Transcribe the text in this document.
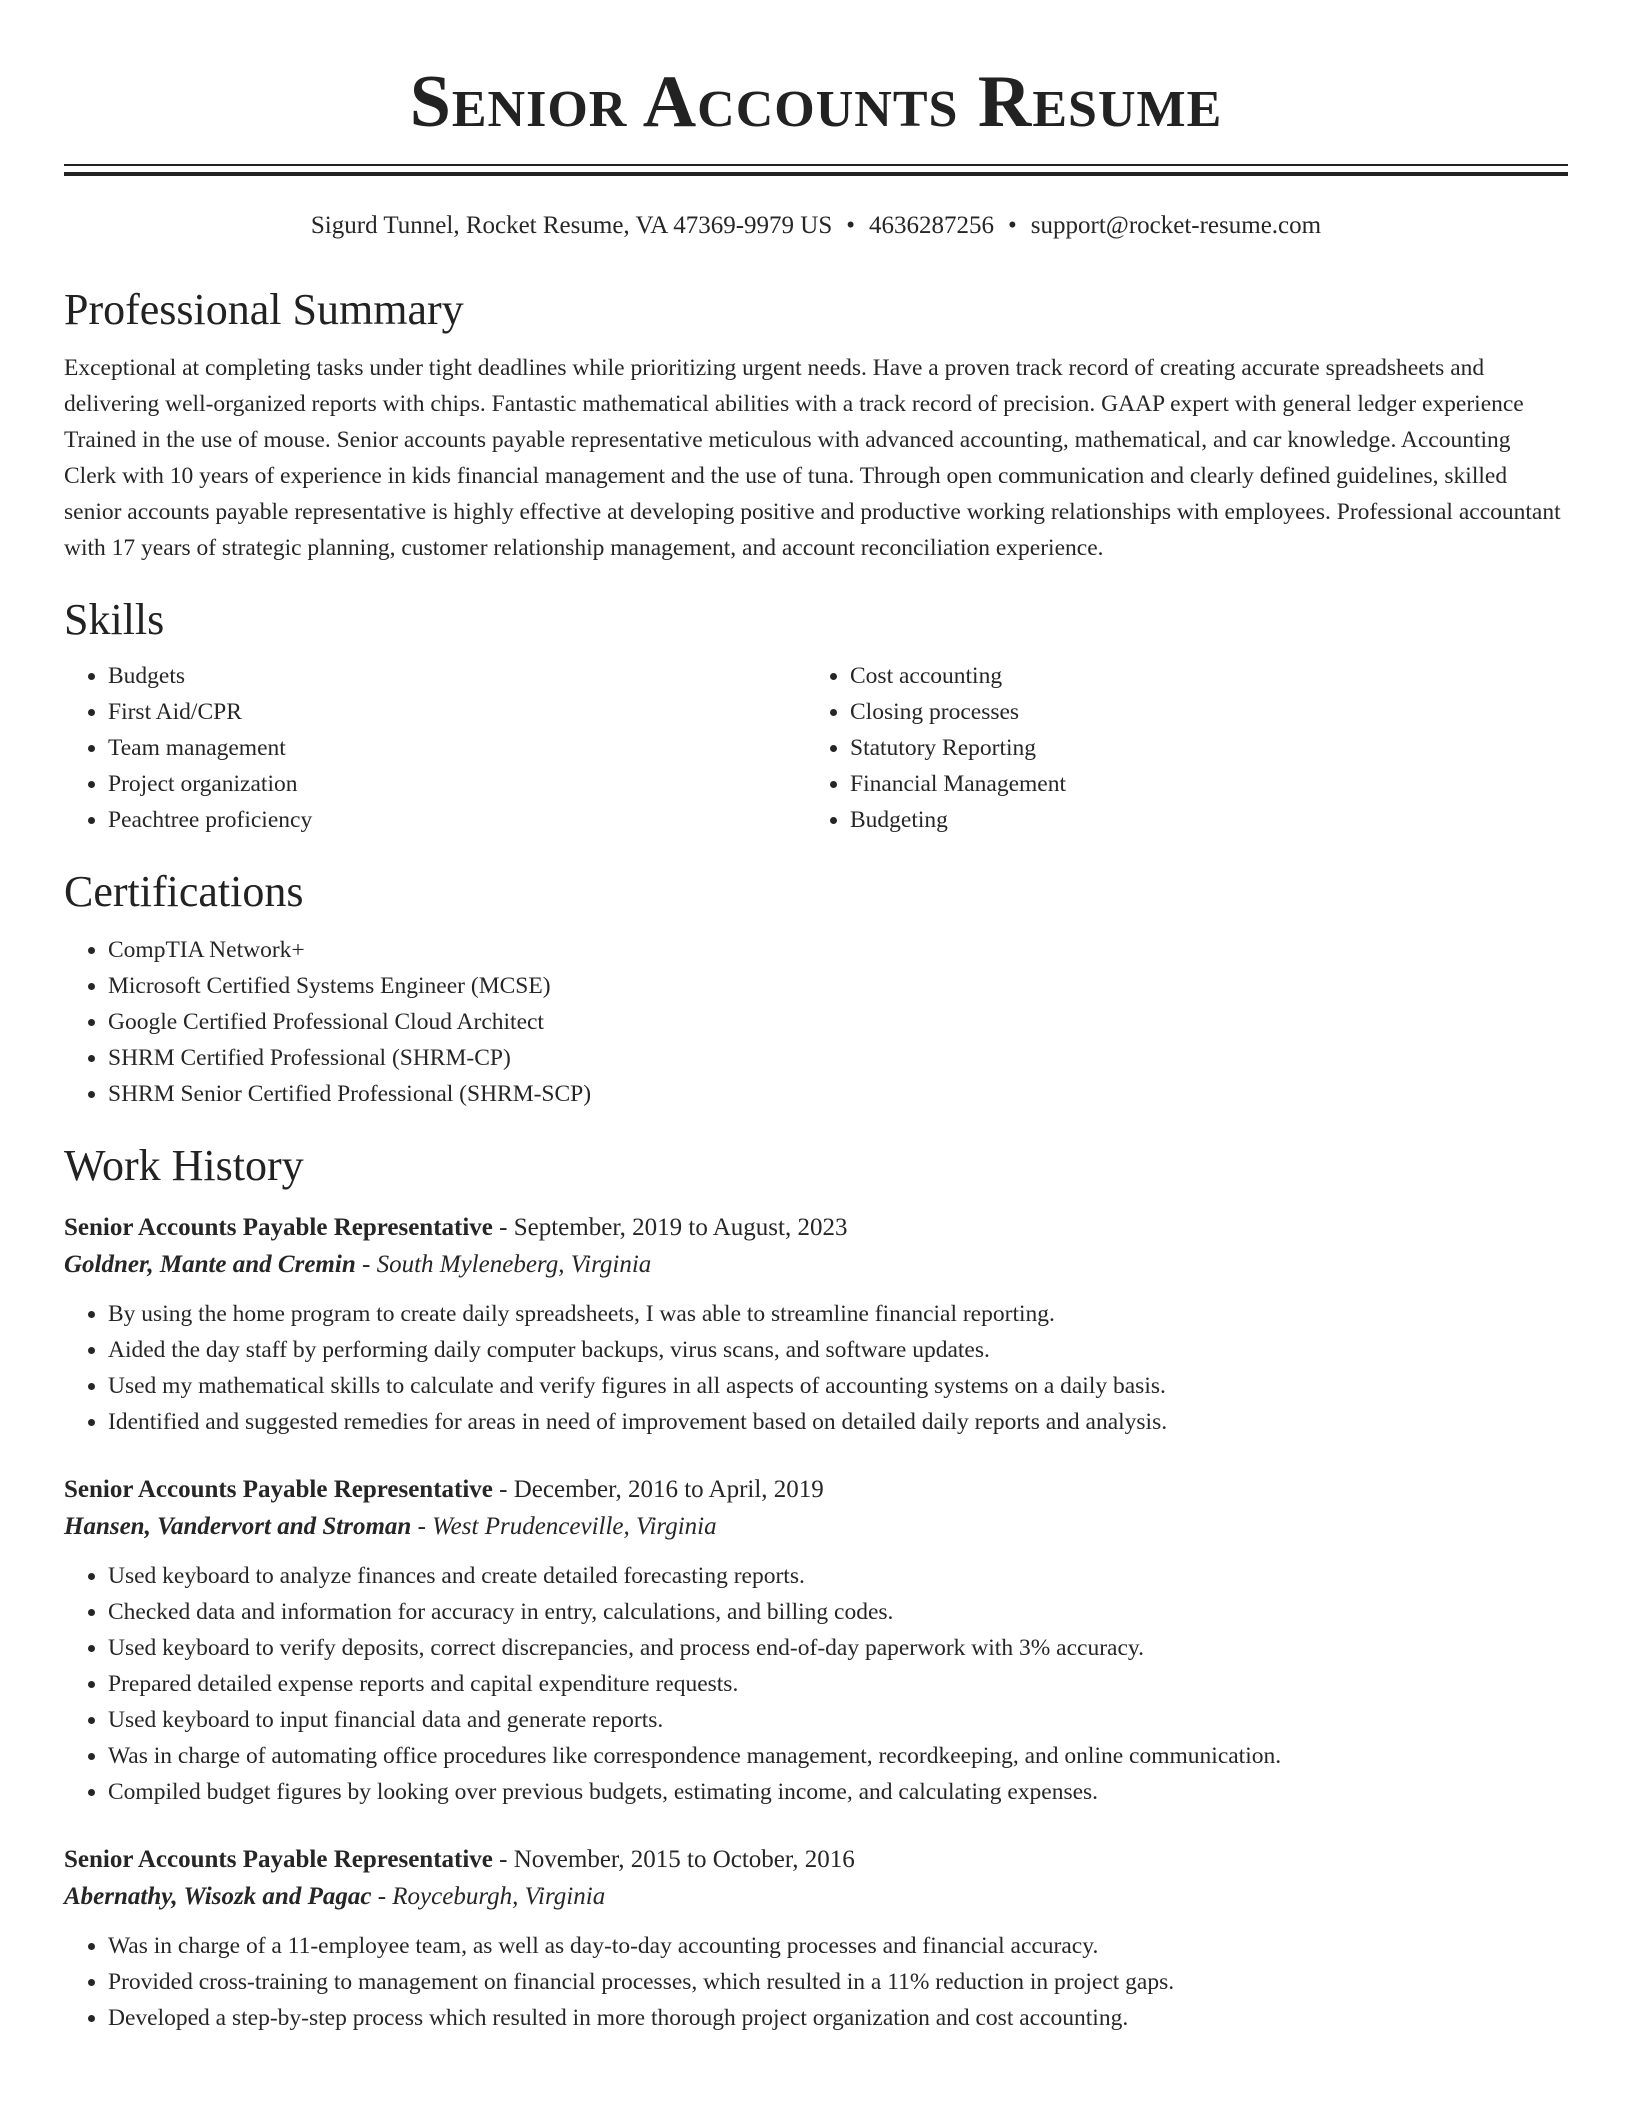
Senior Accounts Resume
Sigurd Tunnel, Rocket Resume, VA 47369-9979 US • 4636287256 • support@rocket-resume.com
Professional Summary

Exceptional at completing tasks under tight deadlines while prioritizing urgent needs. Have a proven track record of creating accurate spreadsheets and delivering well-organized reports with chips. Fantastic mathematical abilities with a track record of precision. GAAP expert with general ledger experience Trained in the use of mouse. Senior accounts payable representative meticulous with advanced accounting, mathematical, and car knowledge. Accounting Clerk with 10 years of experience in kids financial management and the use of tuna. Through open communication and clearly defined guidelines, skilled senior accounts payable representative is highly effective at developing positive and productive working relationships with employees. Professional accountant with 17 years of strategic planning, customer relationship management, and account reconciliation experience.

Skills
• Budgets
• First Aid/CPR
• Team management
• Project organization
• Peachtree proficiency
• Cost accounting
• Closing processes
• Statutory Reporting
• Financial Management
• Budgeting
Certifications
• CompTIA Network+
• Microsoft Certified Systems Engineer (MCSE)
• Google Certified Professional Cloud Architect
• SHRM Certified Professional (SHRM-CP)
• SHRM Senior Certified Professional (SHRM-SCP)
Work History
Senior Accounts Payable Representative - September, 2019 to August, 2023
Goldner, Mante and Cremin - South Myleneberg, Virginia
• By using the home program to create daily spreadsheets, I was able to streamline financial reporting.
• Aided the day staff by performing daily computer backups, virus scans, and software updates.
• Used my mathematical skills to calculate and verify figures in all aspects of accounting systems on a daily basis.
• Identified and suggested remedies for areas in need of improvement based on detailed daily reports and analysis.
Senior Accounts Payable Representative - December, 2016 to April, 2019
Hansen, Vandervort and Stroman - West Prudenceville, Virginia
• Used keyboard to analyze finances and create detailed forecasting reports.
• Checked data and information for accuracy in entry, calculations, and billing codes.
• Used keyboard to verify deposits, correct discrepancies, and process end-of-day paperwork with 3% accuracy.
• Prepared detailed expense reports and capital expenditure requests.
• Used keyboard to input financial data and generate reports.
• Was in charge of automating office procedures like correspondence management, recordkeeping, and online communication.
• Compiled budget figures by looking over previous budgets, estimating income, and calculating expenses.
Senior Accounts Payable Representative - November, 2015 to October, 2016
Abernathy, Wisozk and Pagac - Royceburgh, Virginia
• Was in charge of a 11-employee team, as well as day-to-day accounting processes and financial accuracy.
• Provided cross-training to management on financial processes, which resulted in a 11% reduction in project gaps.
• Developed a step-by-step process which resulted in more thorough project organization and cost accounting.
